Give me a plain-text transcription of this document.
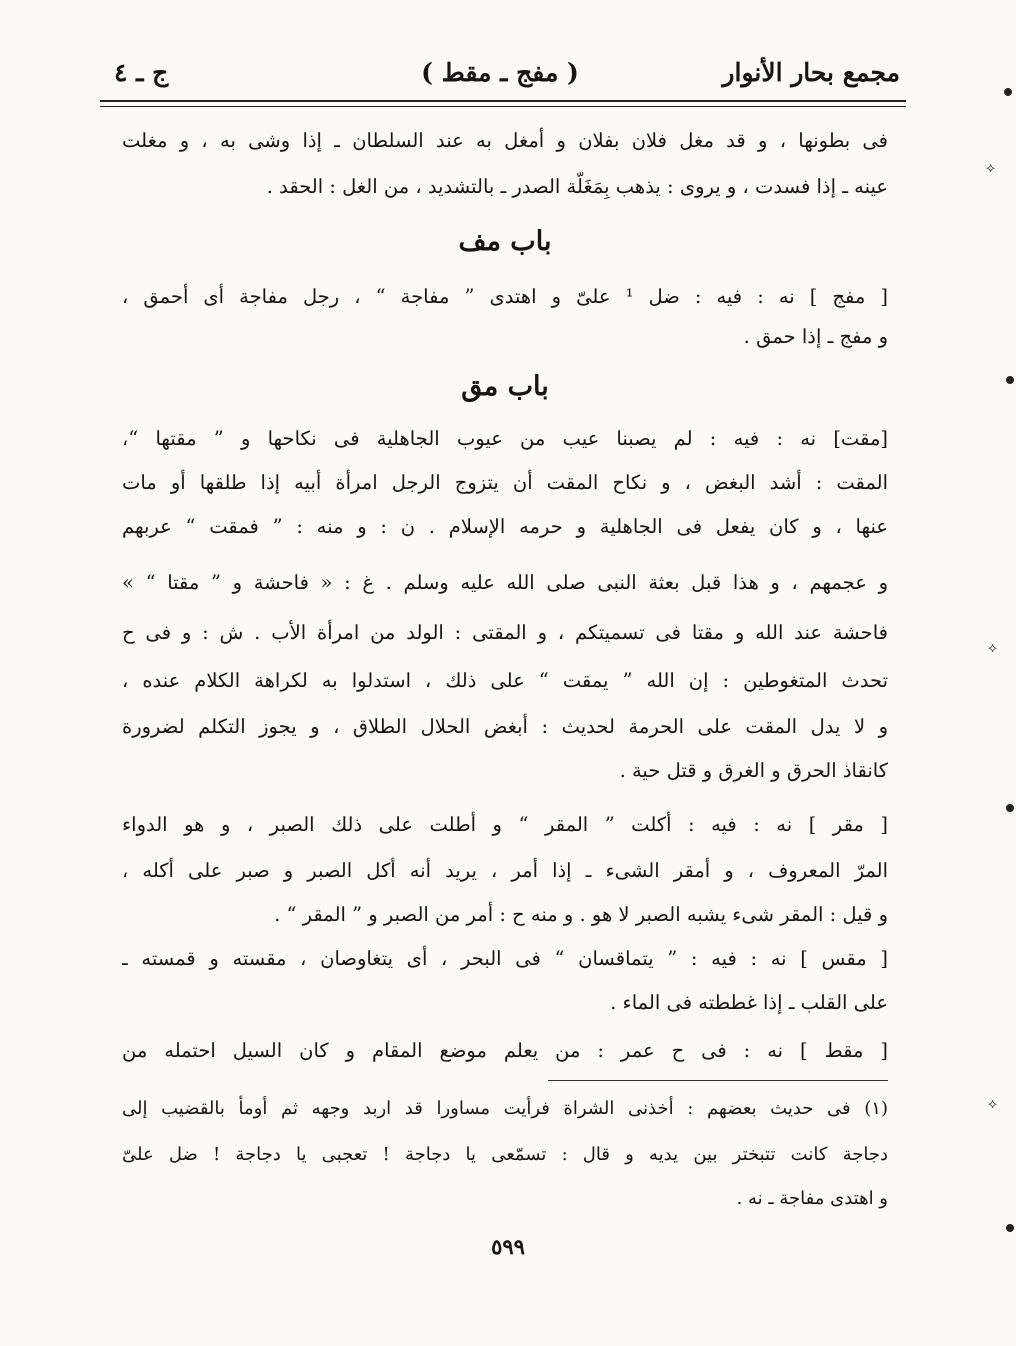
مجمع بحار الأنوار
( مفج ـ مقط )
ج ـ ٤
فى بطونها ، و قد مغل فلان بفلان و أمغل به عند السلطان ـ إذا وشى به ، و مغلت
عينه ـ إذا فسدت ، و يروى : يذهب بِمَغَلَّة الصدر ـ بالتشديد ، من الغل : الحقد .
باب مف
[ مفج ] نه : فيه : ضل ¹ علىّ و اهتدى ” مفاجة “ ، رجل مفاجة أى أحمق ،
و مفج ـ إذا حمق .
باب مق
[مقت] نه : فيه : لم يصبنا عيب من عيوب الجاهلية فى نكاحها و ” مقتها “،
المقت : أشد البغض ، و نكاح المقت أن يتزوج الرجل امرأة أبيه إذا طلقها أو مات
عنها ، و كان يفعل فى الجاهلية و حرمه الإسلام . ن : و منه : ” فمقت “ عربهم
و عجمهم ، و هذا قبل بعثة النبى صلى الله عليه وسلم . غ : « فاحشة و ” مقتا “ »
فاحشة عند الله و مقتا فى تسميتكم ، و المقتى : الولد من امرأة الأب . ش : و فى ح
تحدث المتغوطين : إن الله ” يمقت “ على ذلك ، استدلوا به لكراهة الكلام عنده ،
و لا يدل المقت على الحرمة لحديث : أبغض الحلال الطلاق ، و يجوز التكلم لضرورة
كانقاذ الحرق و الغرق و قتل حية .
[ مقر ] نه : فيه : أكلت ” المقر “ و أطلت على ذلك الصبر ، و هو الدواء
المرّ المعروف ، و أمقر الشىء ـ إذا أمر ، يريد أنه أكل الصبر و صبر على أكله ،
و قيل : المقر شىء يشبه الصبر لا هو . و منه ح : أمر من الصبر و ” المقر “ .
[ مقس ] نه : فيه : ” يتماقسان “ فى البحر ، أى يتغاوصان ، مقسته و قمسته ـ
على القلب ـ إذا غططته فى الماء .
[ مقط ] نه : فى ح عمر : من يعلم موضع المقام و كان السيل احتمله من
(١) فى حديث بعضهم : أخذنى الشراة فرأيت مساورا قد اربد وجهه ثم أومأ بالقضيب إلى
دجاجة كانت تتبختر بين يديه و قال : تسمّعى يا دجاجة ! تعجبى يا دجاجة ! ضل علىّ
و اهتدى مفاجة ـ نه .
٥٩٩
⟡
⟡
⟡
